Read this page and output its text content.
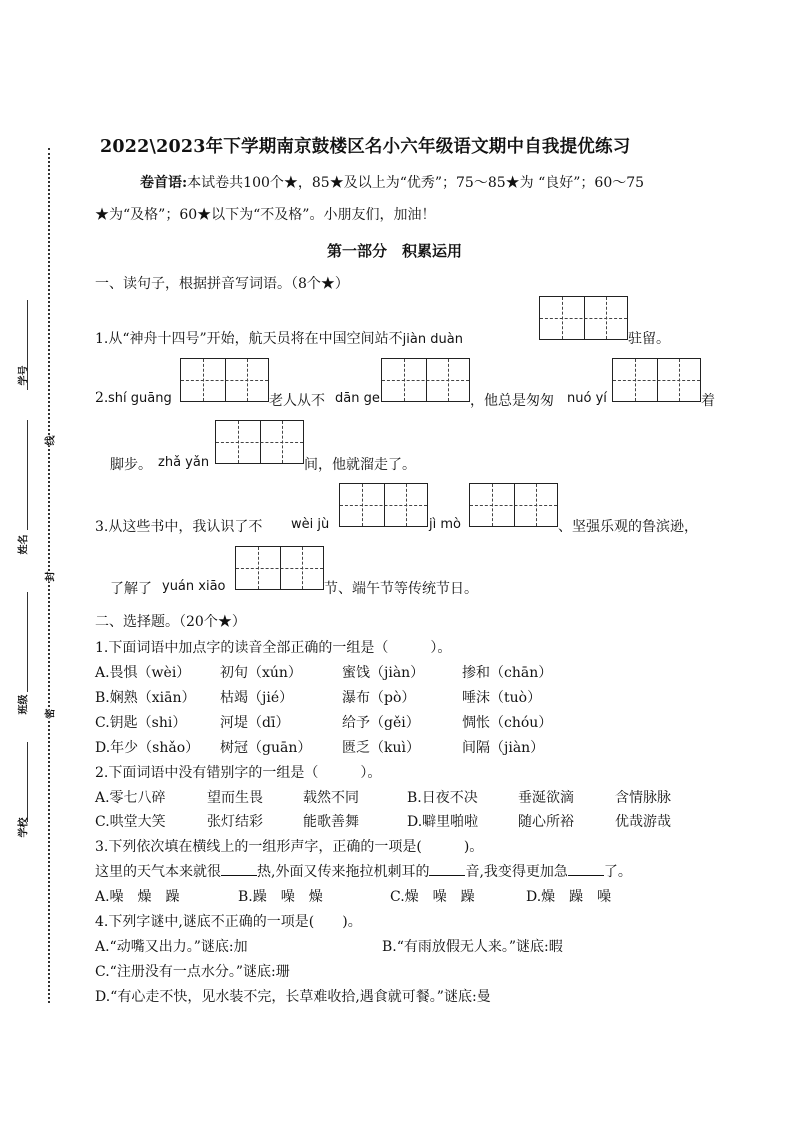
学号
姓名
班级
学校
线
封
密
2022\2023年下学期南京鼓楼区名小六年级语文期中自我提优练习
卷首语:本试卷共100个★，85★及以上为“优秀”；75～85★为 “良好”；60～75
★为“及格”；60★以下为“不及格”。小朋友们，加油！
第一部分　积累运用
一、读句子，根据拼音写词语。（8个★）
1.从“神舟十四号”开始，航天员将在中国空间站不jiàn duàn	驻留。
2. shí guāng	老人从不 dān ge	，他总是匆匆 nuó yí	着
脚步。 zhǎ yǎn	间，他就溜走了。
3.从这些书中，我认识了不 wèi jù	jì mò	、坚强乐观的鲁滨逊，
了解了 yuán xiāo	节、端午节等传统节日。
二、选择题。（20个★）
1.下面词语中加点字的读音全部正确的一组是（　　　）。
A.畏惧（wèi） 初旬（xún）	蜜饯（jiàn）	掺和（chān）
B.娴熟（xiān） 枯竭（jié）	瀑布（pò）	唾沫（tuò）
C.钥匙（shi） 河堤（dī）	给予（gěi）	惆怅（chóu）
D.年少（shǎo） 树冠（guān） 匮乏（kuì）	间隔（jiàn）
2.下面词语中没有错别字的一组是（　　　）。
A.零七八碎	望而生畏	载然不同	B.日夜不决	垂涎欲滴	含情脉脉
C.哄堂大笑	张灯结彩	能歌善舞	D.噼里啪啦	随心所裕	优哉游哉
3.下列依次填在横线上的一组形声字，正确的一项是(　　　)。
这里的天气本来就很	热,外面又传来拖拉机刺耳的	音,我变得更加急	了。
A.噪　燥　躁	B.躁　噪　燥	C.燥　噪　躁	D.燥　躁　噪
4.下列字谜中,谜底不正确的一项是(　　)。
A.“动嘴又出力。”谜底:加	B.“有雨放假无人来。”谜底:暇
C.“注册没有一点水分。”谜底:珊
D.“有心走不快，见水装不完，长草难收拾,遇食就可餐。”谜底:曼
